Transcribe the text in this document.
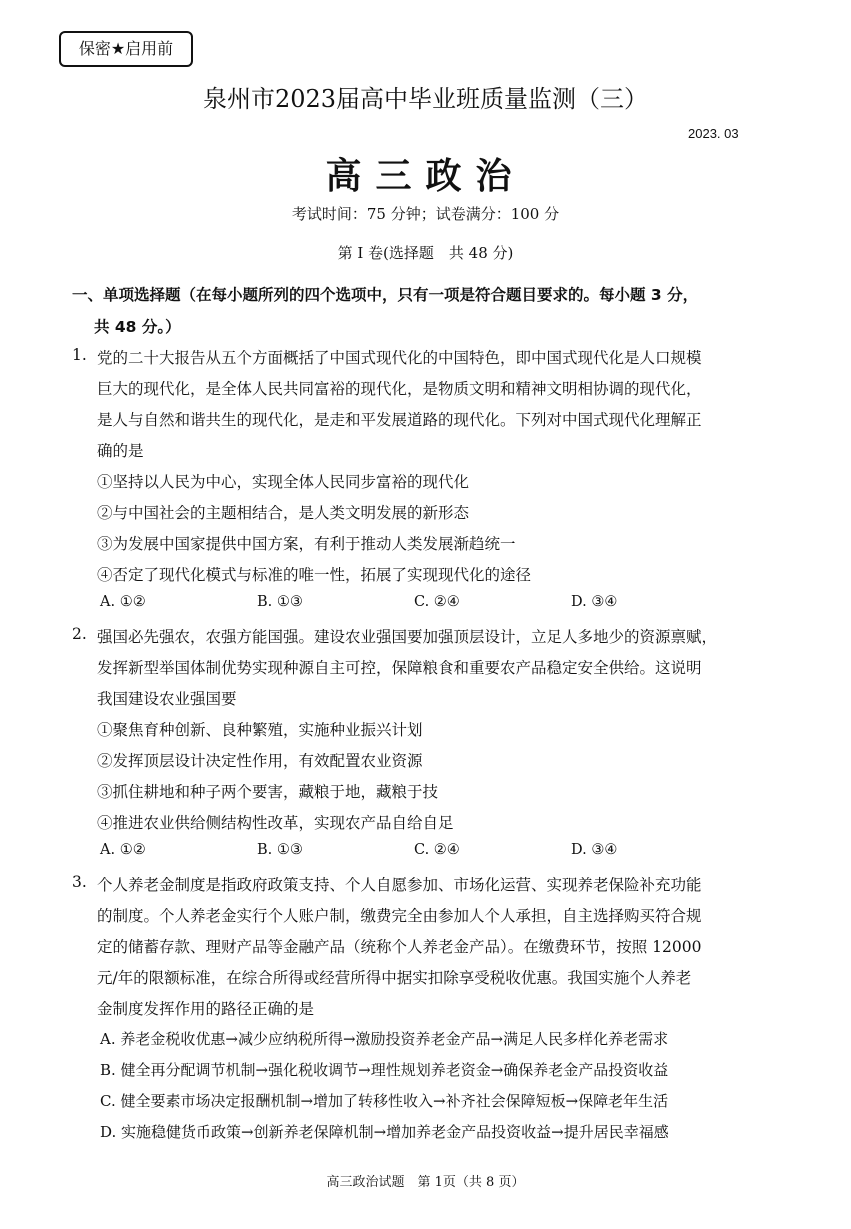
保密★启用前
泉州市2023届高中毕业班质量监测（三）
2023. 03
高三政治
考试时间：75 分钟；试卷满分：100 分
第 I 卷(选择题　共 48 分)
一、单项选择题（在每小题所列的四个选项中，只有一项是符合题目要求的。每小题 3 分，
共 48 分。）
1. 党的二十大报告从五个方面概括了中国式现代化的中国特色，即中国式现代化是人口规模
巨大的现代化，是全体人民共同富裕的现代化，是物质文明和精神文明相协调的现代化，
是人与自然和谐共生的现代化，是走和平发展道路的现代化。下列对中国式现代化理解正
确的是
①坚持以人民为中心，实现全体人民同步富裕的现代化
②与中国社会的主题相结合，是人类文明发展的新形态
③为发展中国家提供中国方案，有利于推动人类发展渐趋统一
④否定了现代化模式与标准的唯一性，拓展了实现现代化的途径
A. ①②	B. ①③	C. ②④	D. ③④
2. 强国必先强农，农强方能国强。建设农业强国要加强顶层设计，立足人多地少的资源禀赋，
发挥新型举国体制优势实现种源自主可控，保障粮食和重要农产品稳定安全供给。这说明
我国建设农业强国要
①聚焦育种创新、良种繁殖，实施种业振兴计划
②发挥顶层设计决定性作用，有效配置农业资源
③抓住耕地和种子两个要害，藏粮于地，藏粮于技
④推进农业供给侧结构性改革，实现农产品自给自足
A. ①②	B. ①③	C. ②④	D. ③④
3. 个人养老金制度是指政府政策支持、个人自愿参加、市场化运营、实现养老保险补充功能
的制度。个人养老金实行个人账户制，缴费完全由参加人个人承担，自主选择购买符合规
定的储蓄存款、理财产品等金融产品（统称个人养老金产品）。在缴费环节，按照 12000
元/年的限额标准，在综合所得或经营所得中据实扣除享受税收优惠。我国实施个人养老
金制度发挥作用的路径正确的是
A. 养老金税收优惠→减少应纳税所得→激励投资养老金产品→满足人民多样化养老需求
B. 健全再分配调节机制→强化税收调节→理性规划养老资金→确保养老金产品投资收益
C. 健全要素市场决定报酬机制→增加了转移性收入→补齐社会保障短板→保障老年生活
D. 实施稳健货币政策→创新养老保障机制→增加养老金产品投资收益→提升居民幸福感
高三政治试题　第 1页（共 8 页）
